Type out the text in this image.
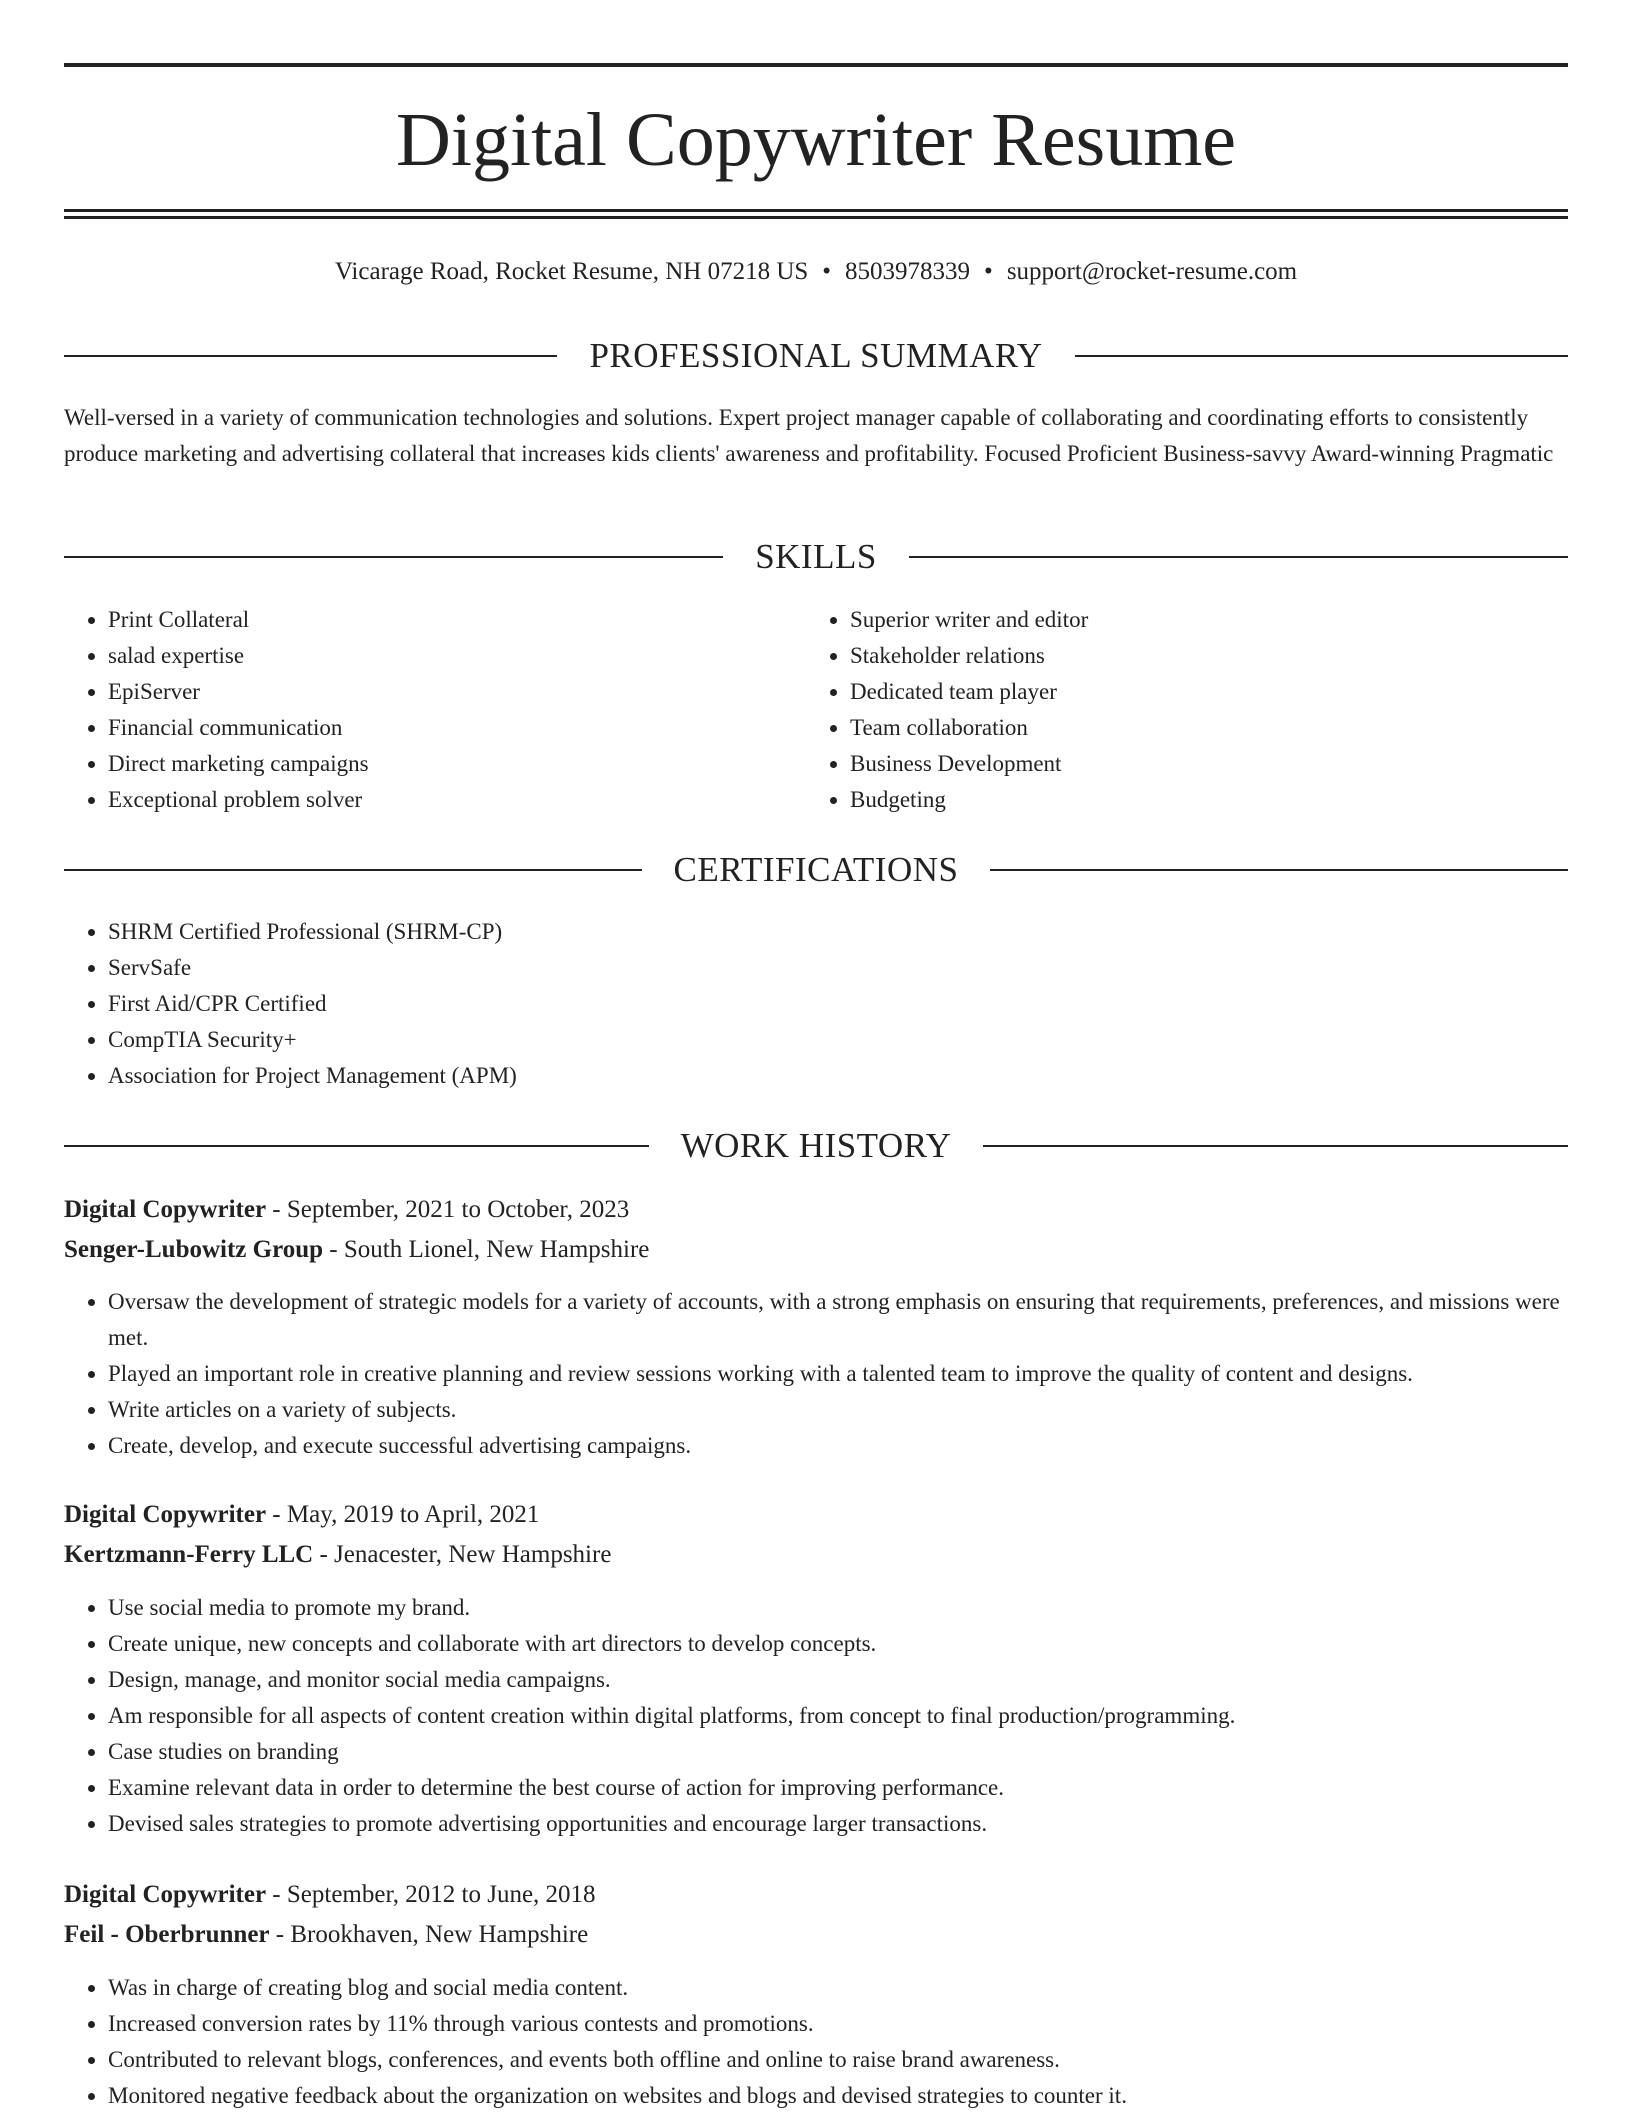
Digital Copywriter Resume
Vicarage Road, Rocket Resume, NH 07218 US • 8503978339 • support@rocket-resume.com
PROFESSIONAL SUMMARY
Well-versed in a variety of communication technologies and solutions. Expert project manager capable of collaborating and coordinating efforts to consistently produce marketing and advertising collateral that increases kids clients' awareness and profitability. Focused Proficient Business-savvy Award-winning Pragmatic
SKILLS
• Print Collateral
• salad expertise
• EpiServer
• Financial communication
• Direct marketing campaigns
• Exceptional problem solver
• Superior writer and editor
• Stakeholder relations
• Dedicated team player
• Team collaboration
• Business Development
• Budgeting
CERTIFICATIONS
• SHRM Certified Professional (SHRM-CP)
• ServSafe
• First Aid/CPR Certified
• CompTIA Security+
• Association for Project Management (APM)
WORK HISTORY
Digital Copywriter - September, 2021 to October, 2023
Senger-Lubowitz Group - South Lionel, New Hampshire
• Oversaw the development of strategic models for a variety of accounts, with a strong emphasis on ensuring that requirements, preferences, and missions were met.
• Played an important role in creative planning and review sessions working with a talented team to improve the quality of content and designs.
• Write articles on a variety of subjects.
• Create, develop, and execute successful advertising campaigns.
Digital Copywriter - May, 2019 to April, 2021
Kertzmann-Ferry LLC - Jenacester, New Hampshire
• Use social media to promote my brand.
• Create unique, new concepts and collaborate with art directors to develop concepts.
• Design, manage, and monitor social media campaigns.
• Am responsible for all aspects of content creation within digital platforms, from concept to final production/programming.
• Case studies on branding
• Examine relevant data in order to determine the best course of action for improving performance.
• Devised sales strategies to promote advertising opportunities and encourage larger transactions.
Digital Copywriter - September, 2012 to June, 2018
Feil - Oberbrunner - Brookhaven, New Hampshire
• Was in charge of creating blog and social media content.
• Increased conversion rates by 11% through various contests and promotions.
• Contributed to relevant blogs, conferences, and events both offline and online to raise brand awareness.
• Monitored negative feedback about the organization on websites and blogs and devised strategies to counter it.
